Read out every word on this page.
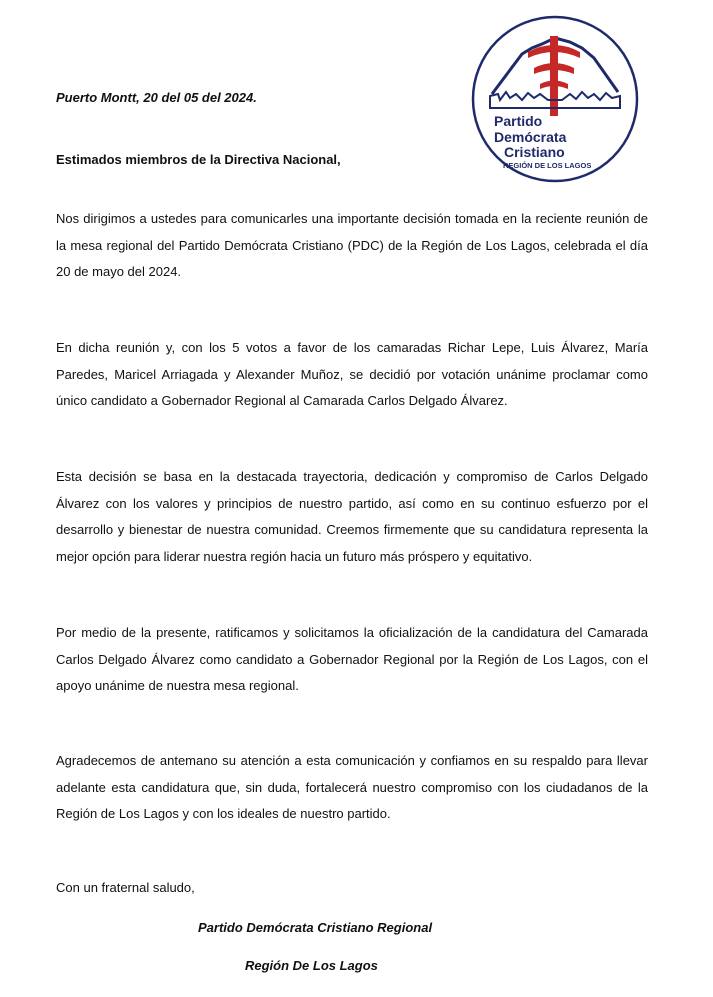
Partido
Demócrata
Cristiano
REGIÓN DE LOS LAGOS
Puerto Montt, 20 del 05 del 2024.
Estimados miembros de la Directiva Nacional,
Nos dirigimos a ustedes para comunicarles una importante decisión tomada en la reciente reunión de la mesa regional del Partido Demócrata Cristiano (PDC) de la Región de Los Lagos, celebrada el día 20 de mayo del 2024.
En dicha reunión y, con los 5 votos a favor de los camaradas Richar Lepe, Luis Álvarez, María Paredes, Maricel Arriagada y Alexander Muñoz, se decidió por votación unánime proclamar como único candidato a Gobernador Regional al Camarada Carlos Delgado Álvarez.
Esta decisión se basa en la destacada trayectoria, dedicación y compromiso de Carlos Delgado Álvarez con los valores y principios de nuestro partido, así como en su continuo esfuerzo por el desarrollo y bienestar de nuestra comunidad. Creemos firmemente que su candidatura representa la mejor opción para liderar nuestra región hacia un futuro más próspero y equitativo.
Por medio de la presente, ratificamos y solicitamos la oficialización de la candidatura del Camarada Carlos Delgado Álvarez como candidato a Gobernador Regional por la Región de Los Lagos, con el apoyo unánime de nuestra mesa regional.
Agradecemos de antemano su atención a esta comunicación y confiamos en su respaldo para llevar adelante esta candidatura que, sin duda, fortalecerá nuestro compromiso con los ciudadanos de la Región de Los Lagos y con los ideales de nuestro partido.
Con un fraternal saludo,
Partido Demócrata Cristiano Regional
Región De Los Lagos
